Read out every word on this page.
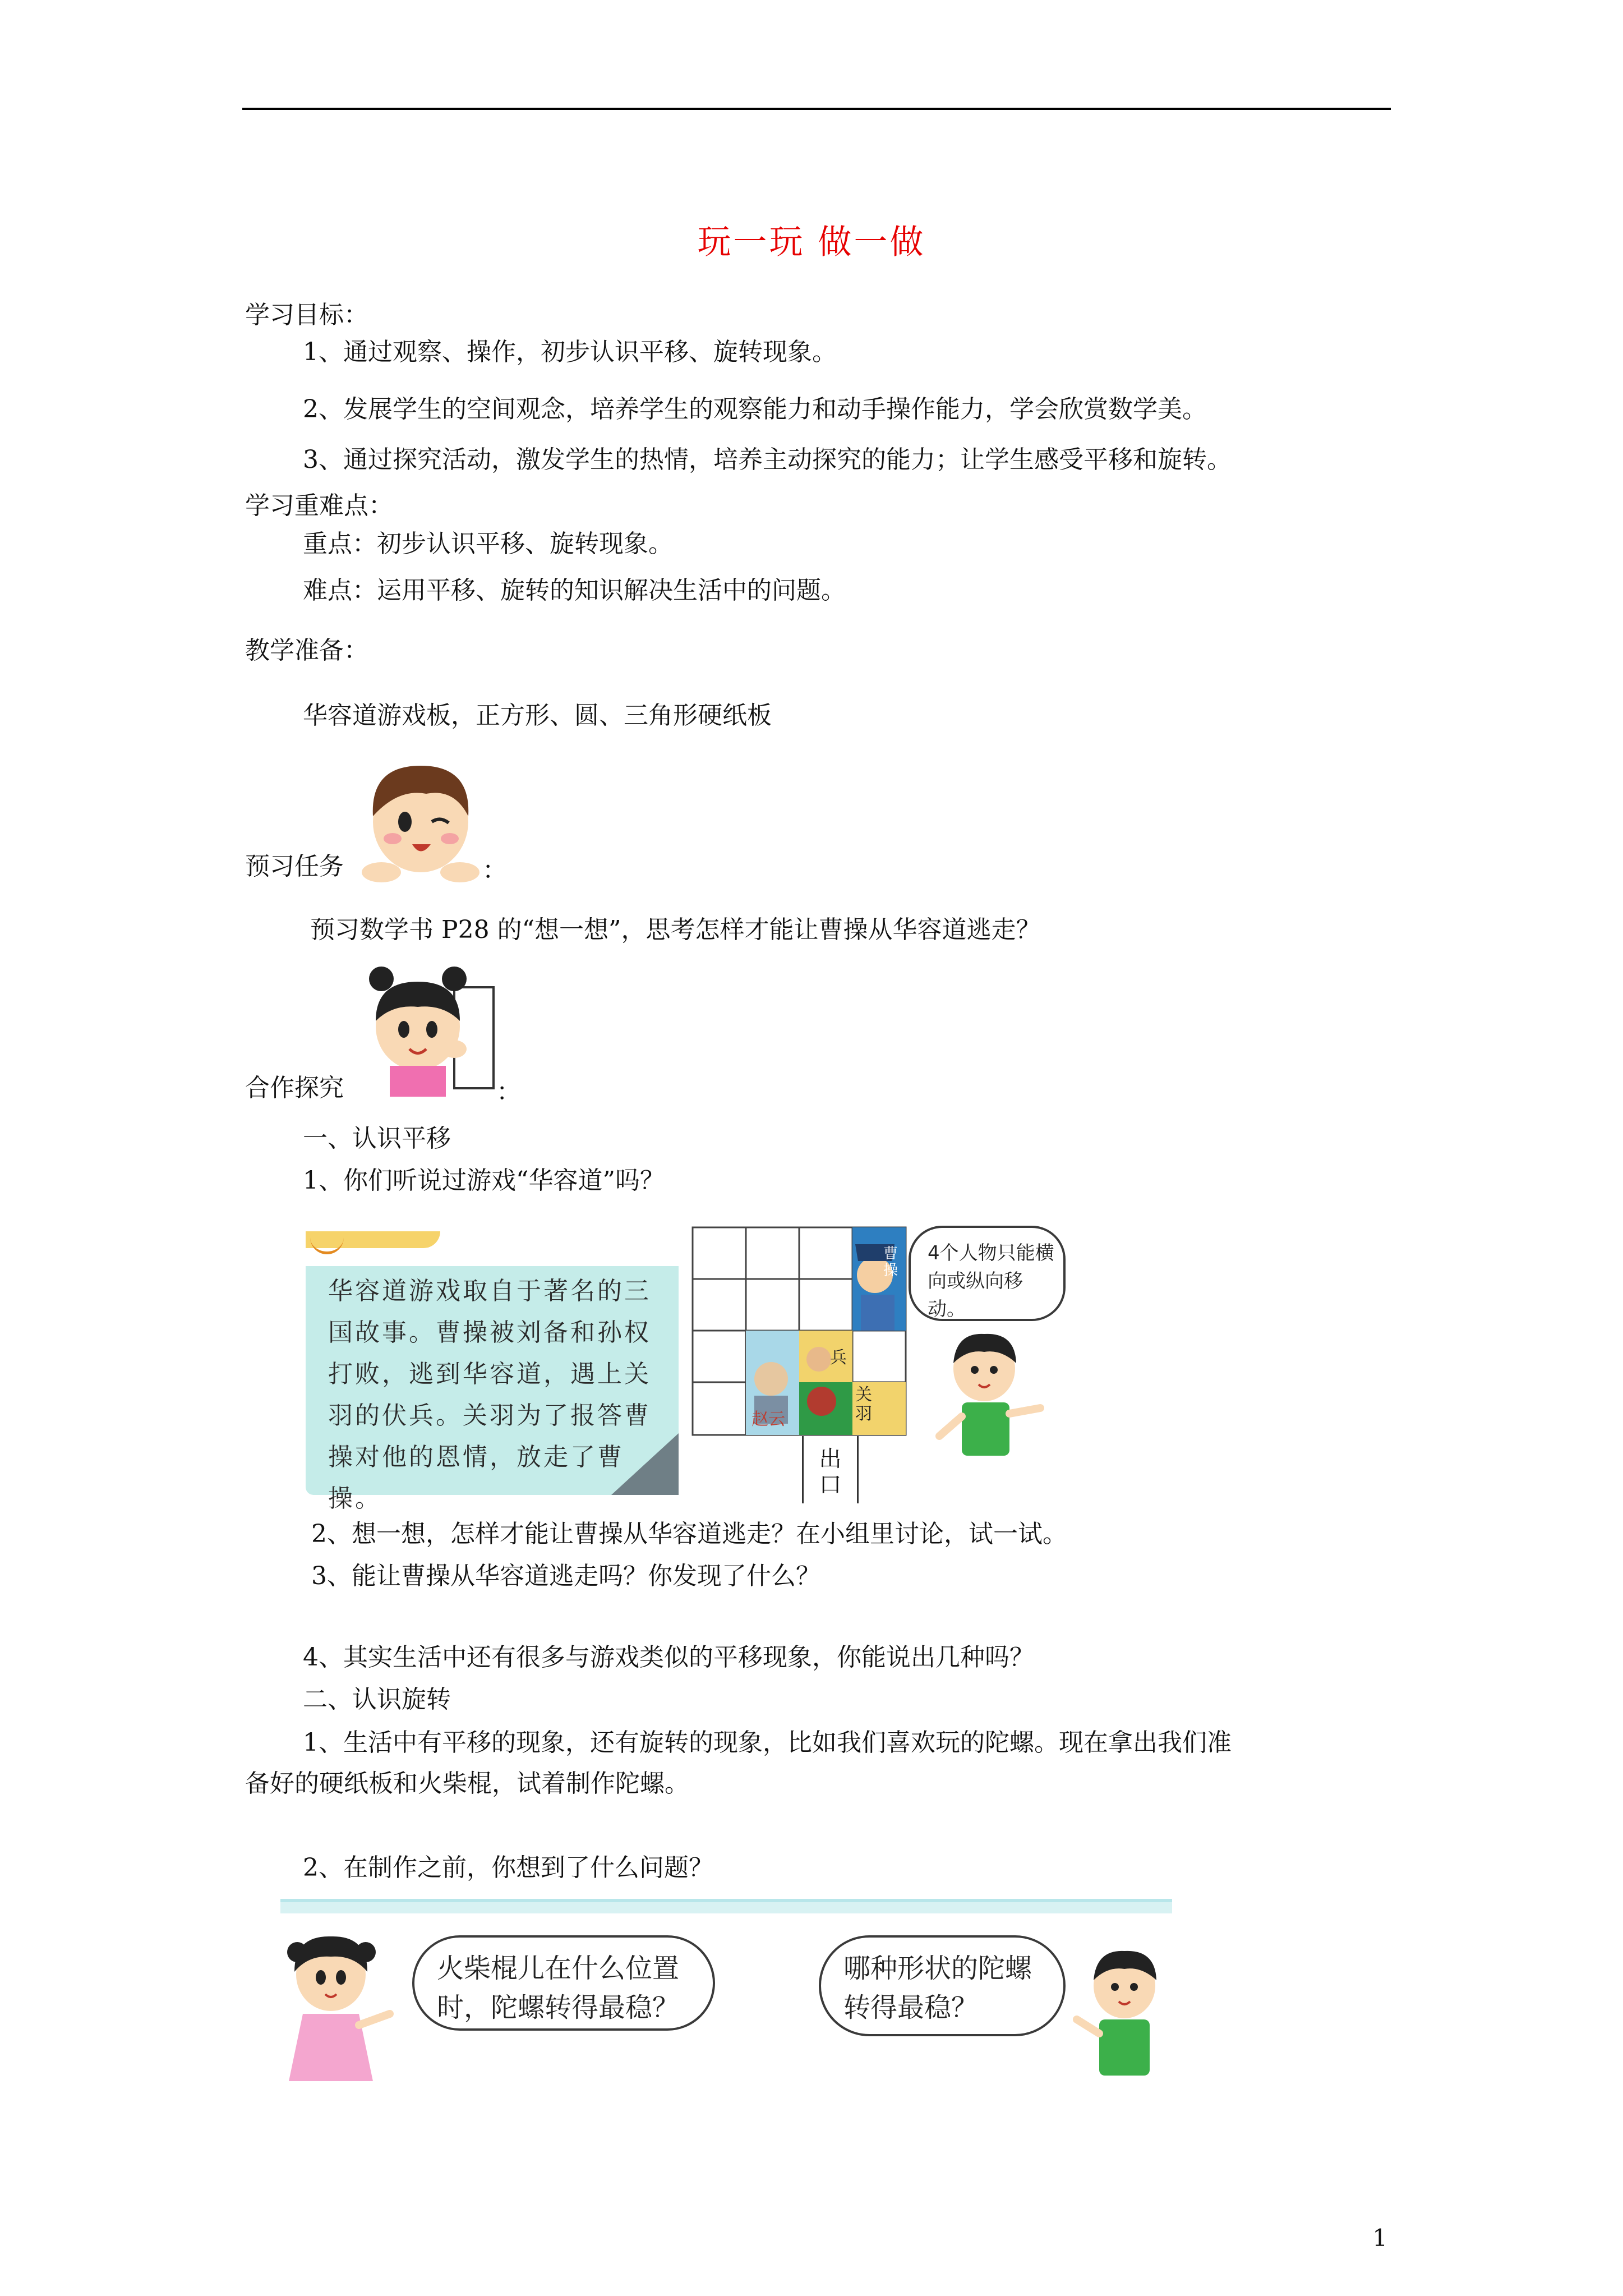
玩一玩 做一做
学习目标：
1、通过观察、操作，初步认识平移、旋转现象。
2、发展学生的空间观念，培养学生的观察能力和动手操作能力，学会欣赏数学美。
3、通过探究活动，激发学生的热情，培养主动探究的能力；让学生感受平移和旋转。
学习重难点：
重点：初步认识平移、旋转现象。
难点：运用平移、旋转的知识解决生活中的问题。
教学准备：
华容道游戏板，正方形、圆、三角形硬纸板
预习任务	：
预习数学书 P28 的“想一想”，思考怎样才能让曹操从华容道逃走？
合作探究	：
一、认识平移
1、你们听说过游戏“华容道”吗？
华容道游戏取自于著名的三国故事。曹操被刘备和孙权打败，逃到华容道，遇上关羽的伏兵。关羽为了报答曹操对他的恩情，放走了曹操。
曹操
赵云
兵
关羽
出口
4个人物只能横向或纵向移动。
2、想一想，怎样才能让曹操从华容道逃走？在小组里讨论，试一试。
3、能让曹操从华容道逃走吗？你发现了什么？
4、其实生活中还有很多与游戏类似的平移现象，你能说出几种吗？
二、认识旋转
1、生活中有平移的现象，还有旋转的现象，比如我们喜欢玩的陀螺。现在拿出我们准
备好的硬纸板和火柴棍，试着制作陀螺。
2、在制作之前，你想到了什么问题？
火柴棍儿在什么位置时，陀螺转得最稳？
哪种形状的陀螺转得最稳？
1
